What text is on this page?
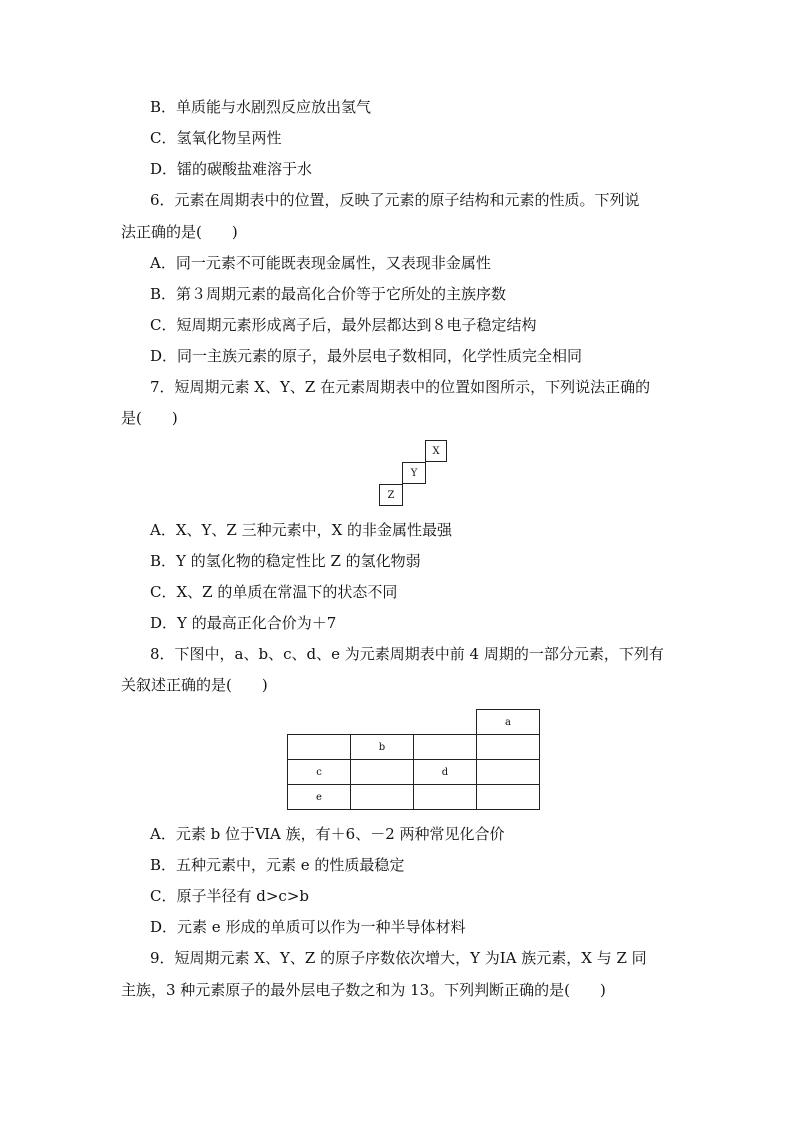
B．单质能与水剧烈反应放出氢气
C．氢氧化物呈两性
D．镭的碳酸盐难溶于水
6．元素在周期表中的位置，反映了元素的原子结构和元素的性质。下列说
法正确的是(　　)
A．同一元素不可能既表现金属性，又表现非金属性
B．第３周期元素的最高化合价等于它所处的主族序数
C．短周期元素形成离子后，最外层都达到８电子稳定结构
D．同一主族元素的原子，最外层电子数相同，化学性质完全相同
7．短周期元素 X、Y、Z 在元素周期表中的位置如图所示，下列说法正确的
是(　　)
X
Y
Z
A．X、Y、Z 三种元素中，X 的非金属性最强
B．Y 的氢化物的稳定性比 Z 的氢化物弱
C．X、Z 的单质在常温下的状态不同
D．Y 的最高正化合价为＋7
8．下图中，a、b、c、d、e 为元素周期表中前 4 周期的一部分元素，下列有
关叙述正确的是(　　)
			a
	b		
c		d	
e			
A．元素 b 位于ⅥA 族，有＋6、－2 两种常见化合价
B．五种元素中，元素 e 的性质最稳定
C．原子半径有 d>c>b
D．元素 e 形成的单质可以作为一种半导体材料
9．短周期元素 X、Y、Z 的原子序数依次增大，Y 为ⅠA 族元素，X 与 Z 同
主族，3 种元素原子的最外层电子数之和为 13。下列判断正确的是(　　)
